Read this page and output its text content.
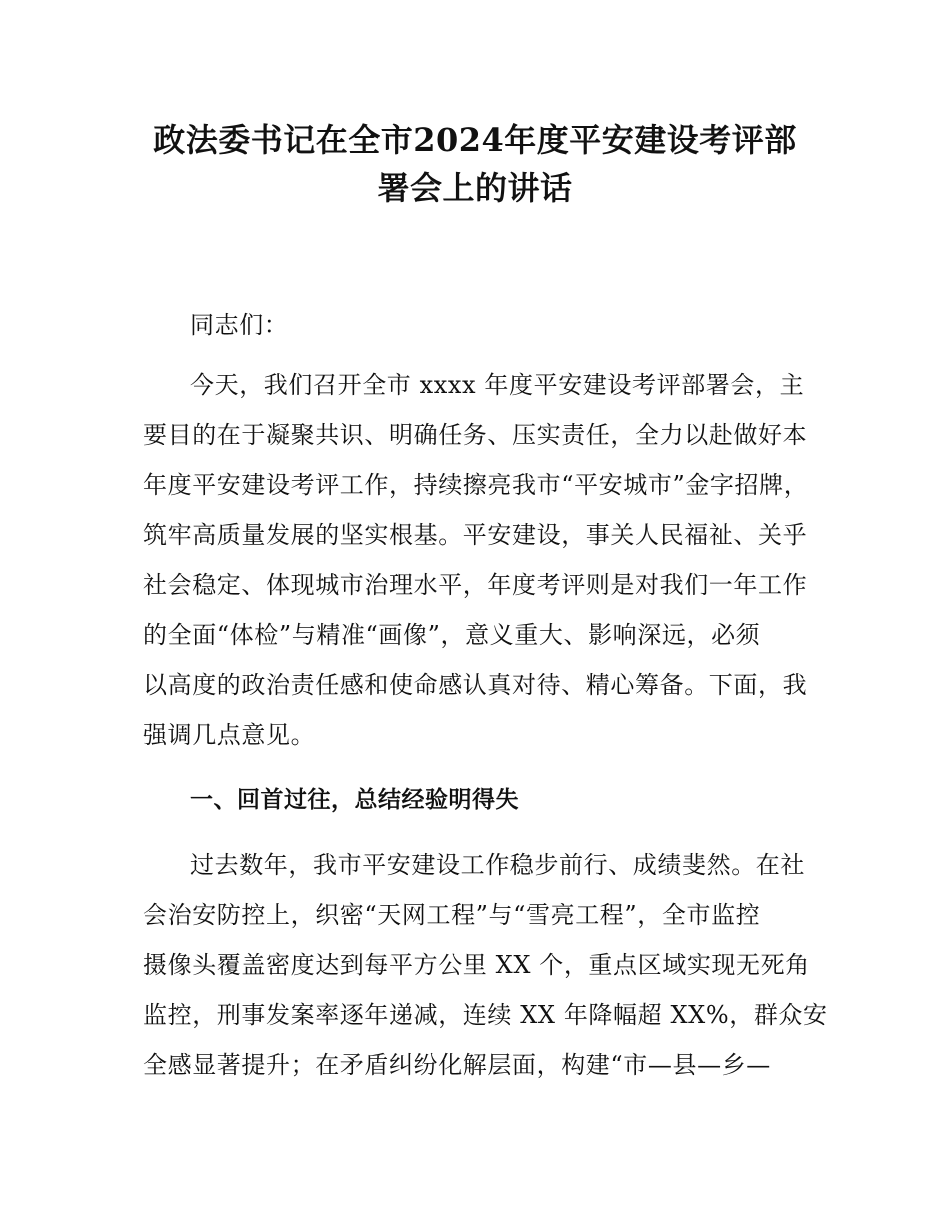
政法委书记在全市2024年度平安建设考评部
署会上的讲话
同志们：
今天，我们召开全市 xxxx 年度平安建设考评部署会，主
要目的在于凝聚共识、明确任务、压实责任，全力以赴做好本
年度平安建设考评工作，持续擦亮我市“平安城市”金字招牌，
筑牢高质量发展的坚实根基。平安建设，事关人民福祉、关乎
社会稳定、体现城市治理水平，年度考评则是对我们一年工作
的全面“体检”与精准“画像”，意义重大、影响深远，必须
以高度的政治责任感和使命感认真对待、精心筹备。下面，我
强调几点意见。
一、回首过往，总结经验明得失
过去数年，我市平安建设工作稳步前行、成绩斐然。在社
会治安防控上，织密“天网工程”与“雪亮工程”，全市监控
摄像头覆盖密度达到每平方公里 XX 个，重点区域实现无死角
监控，刑事发案率逐年递减，连续 XX 年降幅超 XX%，群众安
全感显著提升；在矛盾纠纷化解层面，构建“市—县—乡—
